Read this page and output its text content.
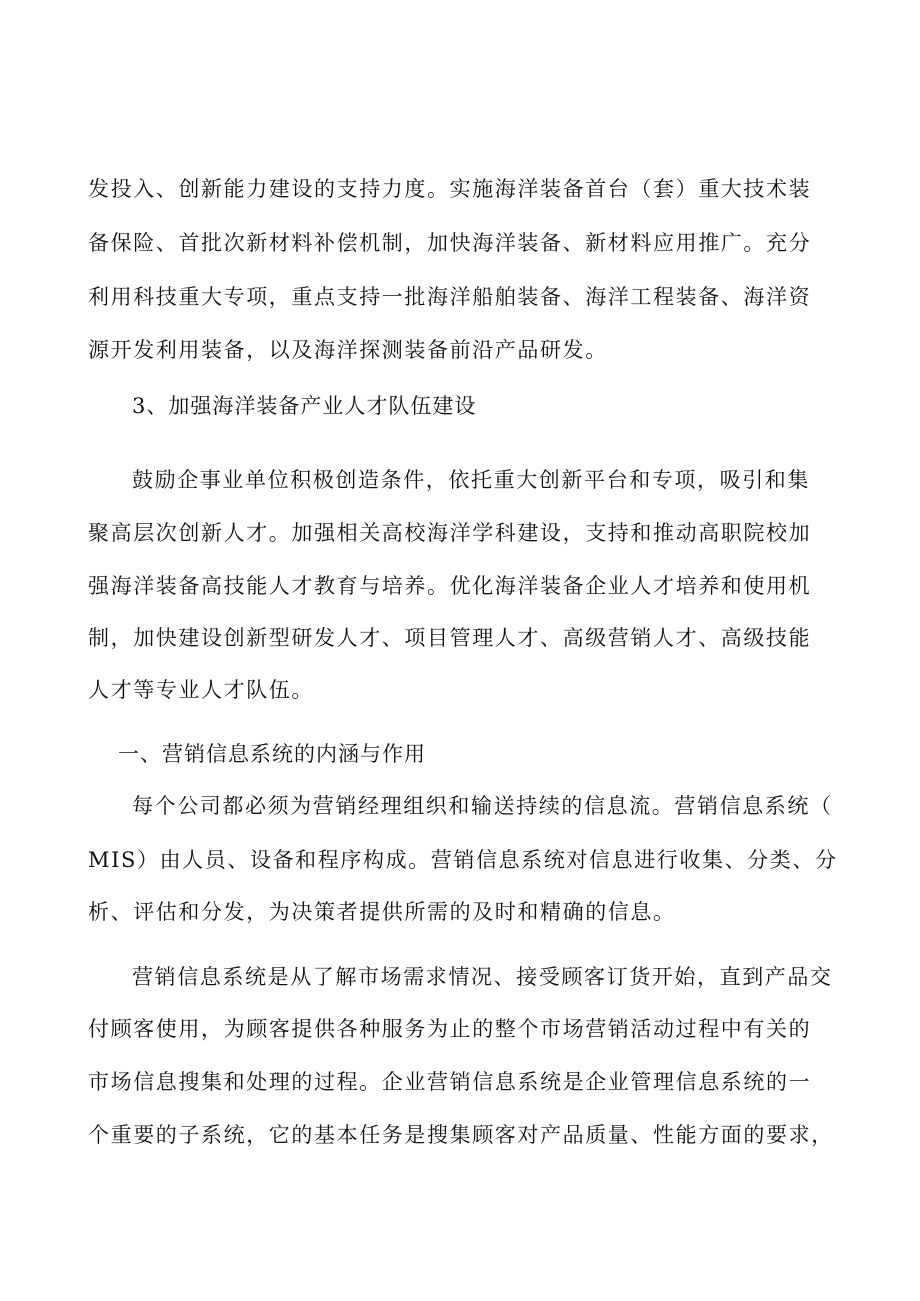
发投入、创新能力建设的支持力度。实施海洋装备首台（套）重大技术装
备保险、首批次新材料补偿机制，加快海洋装备、新材料应用推广。充分
利用科技重大专项，重点支持一批海洋船舶装备、海洋工程装备、海洋资
源开发利用装备，以及海洋探测装备前沿产品研发。
3、加强海洋装备产业人才队伍建设
鼓励企事业单位积极创造条件，依托重大创新平台和专项，吸引和集
聚高层次创新人才。加强相关高校海洋学科建设，支持和推动高职院校加
强海洋装备高技能人才教育与培养。优化海洋装备企业人才培养和使用机
制，加快建设创新型研发人才、项目管理人才、高级营销人才、高级技能
人才等专业人才队伍。
一、营销信息系统的内涵与作用
每个公司都必须为营销经理组织和输送持续的信息流。营销信息系统（
MIS）由人员、设备和程序构成。营销信息系统对信息进行收集、分类、分
析、评估和分发，为决策者提供所需的及时和精确的信息。
营销信息系统是从了解市场需求情况、接受顾客订货开始，直到产品交
付顾客使用，为顾客提供各种服务为止的整个市场营销活动过程中有关的
市场信息搜集和处理的过程。企业营销信息系统是企业管理信息系统的一
个重要的子系统，它的基本任务是搜集顾客对产品质量、性能方面的要求，
